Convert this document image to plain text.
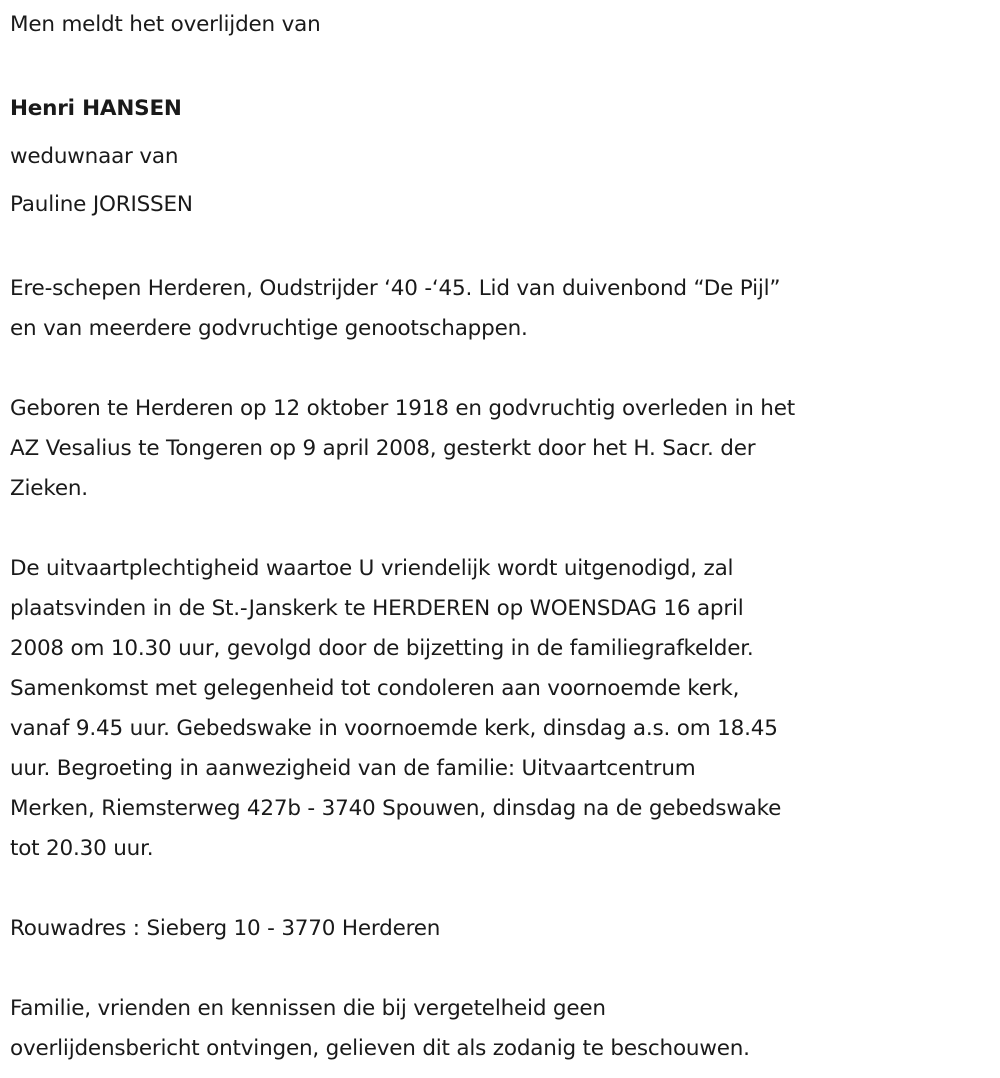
Men meldt het overlijden van
Henri HANSEN
weduwnaar van
Pauline JORISSEN
Ere-schepen Herderen, Oudstrijder ‘40 -‘45. Lid van duivenbond “De Pijl”
en van meerdere godvruchtige genootschappen.
Geboren te Herderen op 12 oktober 1918 en godvruchtig overleden in het
AZ Vesalius te Tongeren op 9 april 2008, gesterkt door het H. Sacr. der
Zieken.
De uitvaartplechtigheid waartoe U vriendelijk wordt uitgenodigd, zal
plaatsvinden in de St.-Janskerk te HERDEREN op WOENSDAG 16 april
2008 om 10.30 uur, gevolgd door de bijzetting in de familiegrafkelder.
Samenkomst met gelegenheid tot condoleren aan voornoemde kerk,
vanaf 9.45 uur. Gebedswake in voornoemde kerk, dinsdag a.s. om 18.45
uur. Begroeting in aanwezigheid van de familie: Uitvaartcentrum
Merken, Riemsterweg 427b - 3740 Spouwen, dinsdag na de gebedswake
tot 20.30 uur.
Rouwadres : Sieberg 10 - 3770 Herderen
Familie, vrienden en kennissen die bij vergetelheid geen
overlijdensbericht ontvingen, gelieven dit als zodanig te beschouwen.
